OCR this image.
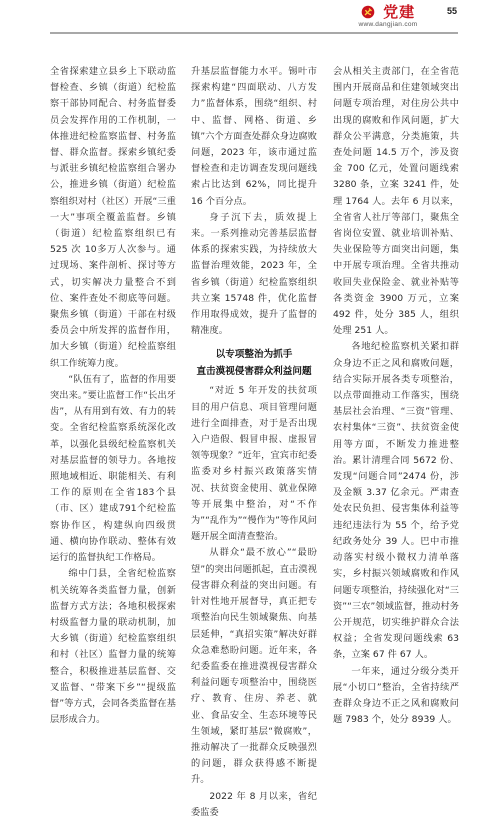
党建
www.dangjian.com
55

全省探索建立县乡上下联动监督检查、乡镇（街道）纪检监察干部协同配合、村务监督委员会发挥作用的工作机制，一体推进纪检监察监督、村务监督、群众监督。探索乡镇纪委与派驻乡镇纪检监察组合署办公，推进乡镇（街道）纪检监察组织对村（社区）开展“三重一大”事项全覆盖监督。乡镇（街道）纪检监察组织已有525 次 10多万人次参与。通过现场、案件剖析、探讨等方式，切实解决力量整合不到位、案件查处不彻底等问题。聚焦乡镇（街道）干部在村级委员会中所发挥的监督作用，加大乡镇（街道）纪检监察组织工作统筹力度。

“队伍有了，监督的作用要突出来。”要让监督工作“长出牙齿”，从有用到有效、有力的转变。全省纪检监察系统深化改革，以强化县级纪检监察机关对基层监督的领导力。各地按照地域相近、职能相关、有利工作的原则在全省183个县（市、区）建成791个纪检监察协作区，构建纵向四级贯通、横向协作联动、整体有效运行的监督执纪工作格局。

绵中门县，全省纪检监察机关统筹各类监督力量，创新监督方式方法；各地积极探索村级监督力量的联动机制，加大乡镇（街道）纪检监察组织和村（社区）监督力量的统筹整合，积极推进基层监督、交叉监督、“带案下乡”“提级监督”等方式，会同各类监督在基层形成合力。

升基层监督能力水平。锡叶市探索构建“四面联动、八方发力”监督体系，围绕“组织、村中、监督、网格、街道、乡镇”六个方面查处群众身边腐败问题，2023 年，该市通过监督检查和走访调查发现问题线索占比达到 62%，同比提升 16 个百分点。

身子沉下去，质效提上来。一系列推动完善基层监督体系的探索实践，为持续放大监督治理效能，2023 年，全省乡镇（街道）纪检监察组织共立案 15748 件，优化监督作用取得成效，提升了监督的精准度。

以专项整治为抓手
直击漠视侵害群众利益问题

“对近 5 年开发的扶贫项目的用户信息、项目管理问题进行全面排查，对于是否出现入户造假、假冒申报、虚报冒领等现象？”近年，宜宾市纪委监委对乡村振兴政策落实情况、扶贫资金使用、就业保障等开展集中整治，对“不作为”“乱作为”“慢作为”等作风问题开展全面清查整治。

从群众“最不放心”“最盼望”的突出问题抓起，直击漠视侵害群众利益的突出问题。有针对性地开展督导，真正把专项整治向民生领域聚焦、向基层延伸，“真招实策”解决好群众急难愁盼问题。近年来，各纪委监委在推进漠视侵害群众利益问题专项整治中，围绕医疗、教育、住房、养老、就业、食品安全、生态环境等民生领域，紧盯基层“微腐败”，推动解决了一批群众反映强烈的问题，群众获得感不断提升。

2022 年 8 月以来，省纪委监委

会从相关主责部门，在全省范围内开展商品和住建领域突出问题专项治理，对住房公共中出现的腐败和作风问题，扩大群众公平满意，分类施策，共查处问题 14.5 万个，涉及资金 700 亿元，处置问题线索 3280 条，立案 3241 件，处理 1764 人。去年 6 月以来，全省省人社厅等部门，聚焦全省岗位安置、就业培训补贴、失业保险等方面突出问题，集中开展专项治理。全省共推动收回失业保险金、就业补贴等各类资金 3900 万元，立案 492 件，处分 385 人，组织处理 251 人。

各地纪检监察机关紧扣群众身边不正之风和腐败问题，结合实际开展各类专项整治，以点带面推动工作落实，围绕基层社会治理、“三资”管理、农村集体“三资”、扶贫资金使用等方面，不断发力推进整治。累计清理合同 5672 份、发现“问题合同”2474 份，涉及金额 3.37 亿余元。严肃查处农民负担、侵害集体利益等违纪违法行为 55 个，给予党纪政务处分 39 人。巴中市推动落实村级小微权力清单落实，乡村振兴领域腐败和作风问题专项整治，持续强化对“三资”“三农”领域监督，推动村务公开规范，切实维护群众合法权益；全省发现问题线索 63 条，立案 67 件 67 人。

一年来，通过分级分类开展“小切口”整治，全省持续严查群众身边不正之风和腐败问题 7983 个，处分 8939 人。
